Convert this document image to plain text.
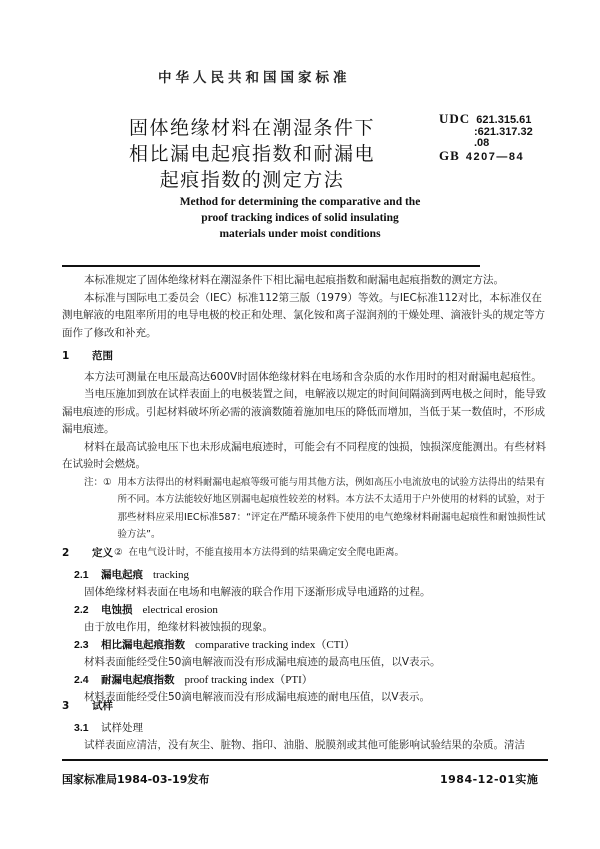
中华人民共和国国家标准
固体绝缘材料在潮湿条件下
相比漏电起痕指数和耐漏电
起痕指数的测定方法
UDC 621.315.61
:621.317.32
.08
GB 4207—84
Method for determining the comparative and the
proof tracking indices of solid insulating
materials under moist conditions
本标准规定了固体绝缘材料在潮湿条件下相比漏电起痕指数和耐漏电起痕指数的测定方法。
本标准与国际电工委员会（IEC）标准112第三版（1979）等效。与IEC标准112对比，本标准仅在测电解液的电阻率所用的电导电极的校正和处理、氯化铵和离子湿润剂的干燥处理、滴液针头的规定等方面作了修改和补充。
1 范围
本方法可测量在电压最高达600V时固体绝缘材料在电场和含杂质的水作用时的相对耐漏电起痕性。
当电压施加到放在试样表面上的电极装置之间，电解液以规定的时间间隔滴到两电极之间时，能导致漏电痕迹的形成。引起材料破坏所必需的液滴数随着施加电压的降低而增加，当低于某一数值时，不形成漏电痕迹。
材料在最高试验电压下也未形成漏电痕迹时，可能会有不同程度的蚀损，蚀损深度能测出。有些材料在试验时会燃烧。
注： ① 用本方法得出的材料耐漏电起痕等级可能与用其他方法，例如高压小电流放电的试验方法得出的结果有所不同。本方法能较好地区别漏电起痕性较差的材料。本方法不太适用于户外使用的材料的试验，对于那些材料应采用IEC标准587：“评定在严酷环境条件下使用的电气绝缘材料耐漏电起痕性和耐蚀损性试验方法”。
② 在电气设计时，不能直接用本方法得到的结果确定安全爬电距离。
2 定义
2.1 漏电起痕 tracking
固体绝缘材料表面在电场和电解液的联合作用下逐渐形成导电通路的过程。
2.2 电蚀损 electrical erosion
由于放电作用，绝缘材料被蚀损的现象。
2.3 相比漏电起痕指数 comparative tracking index（CTI）
材料表面能经受住50滴电解液而没有形成漏电痕迹的最高电压值，以V表示。
2.4 耐漏电起痕指数 proof tracking index（PTI）
材料表面能经受住50滴电解液而没有形成漏电痕迹的耐电压值，以V表示。
3 试样
3.1 试样处理
试样表面应清洁，没有灰尘、脏物、指印、油脂、脱膜剂或其他可能影响试验结果的杂质。清洁
国家标准局1984-03-19发布	1984-12-01实施
